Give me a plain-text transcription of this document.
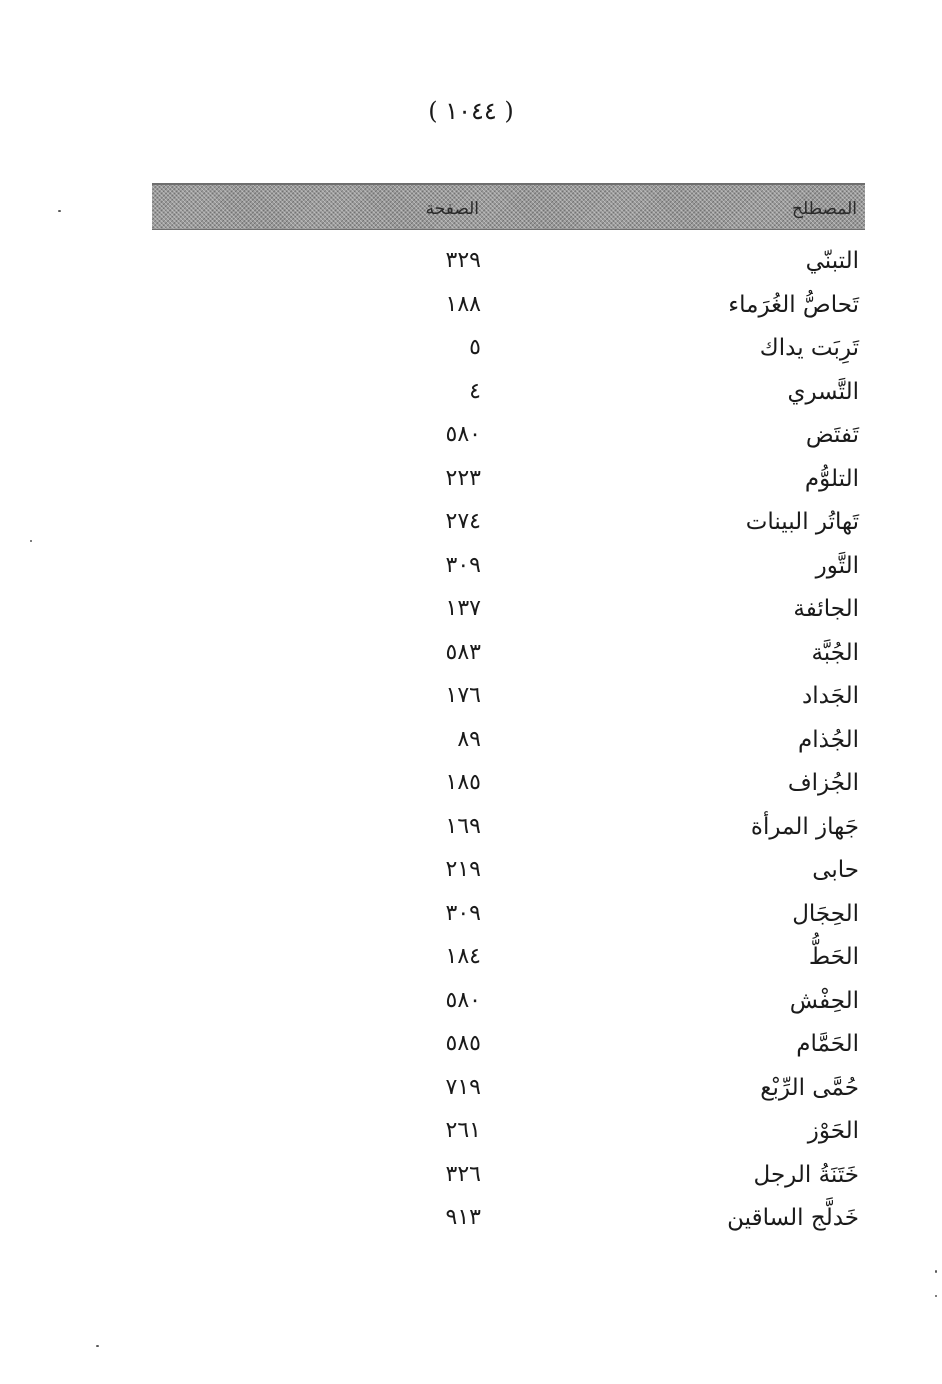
( ١٠٤٤ )
المصطلح
الصفحة
التبنّي
٣٢٩
تَحاصُّ الغُرَماء
١٨٨
تَرِبَت يداك
٥
التَّسري
٤
تَفتَض
٥٨٠
التلوُّم
٢٢٣
تَهاتُر البينات
٢٧٤
التَّور
٣٠٩
الجائفة
١٣٧
الجُبَّة
٥٨٣
الجَداد
١٧٦
الجُذام
٨٩
الجُزاف
١٨٥
جَهاز المرأة
١٦٩
حابى
٢١٩
الحِجَال
٣٠٩
الحَطُّ
١٨٤
الحِفْش
٥٨٠
الحَمَّام
٥٨٥
حُمَّى الرِّبْع
٧١٩
الحَوْز
٢٦١
خَتَنَةُ الرجل
٣٢٦
خَدلَّج الساقين
٩١٣
